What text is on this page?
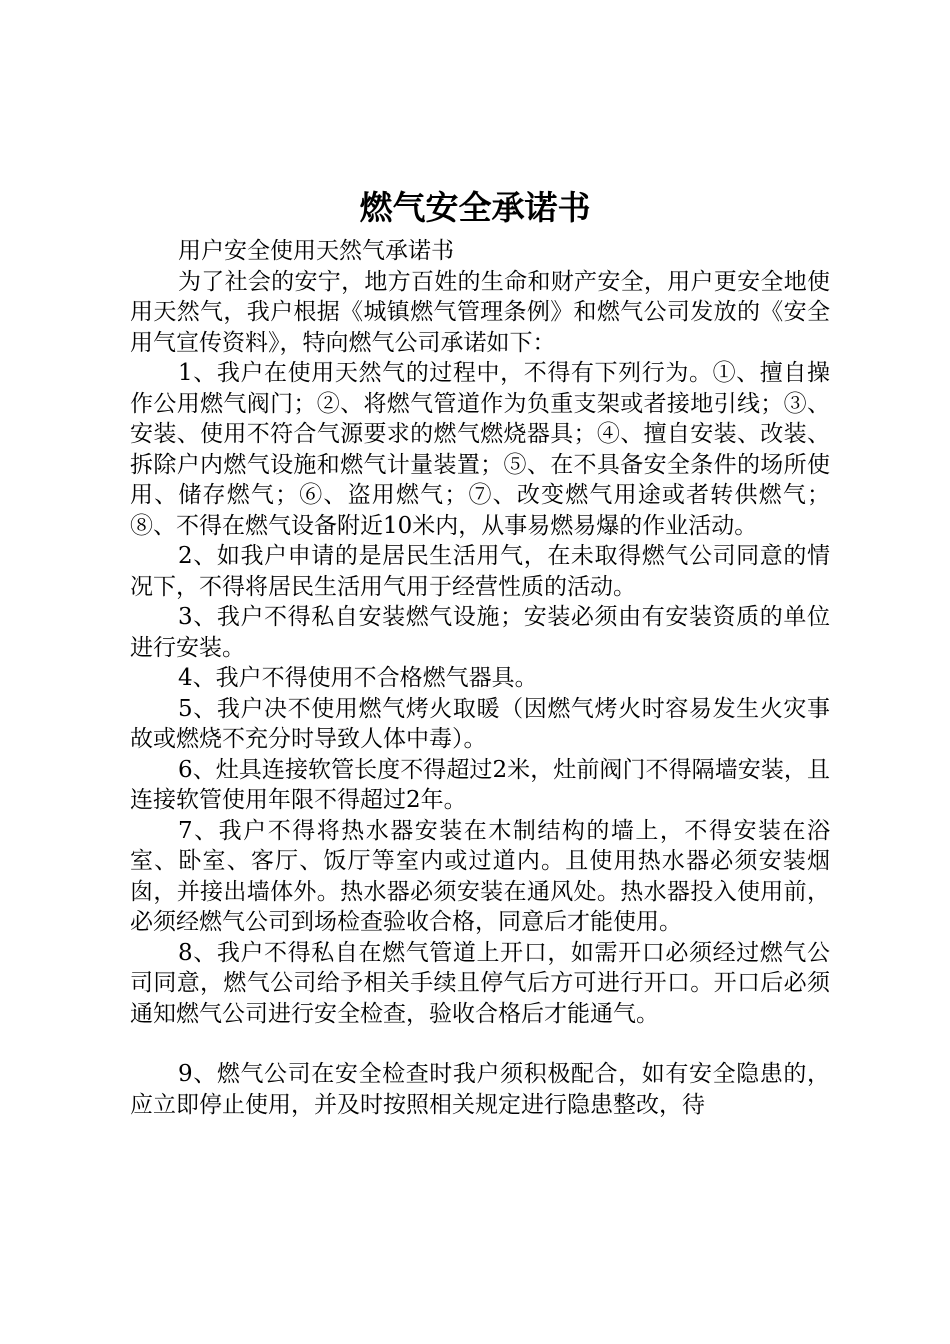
燃气安全承诺书

用户安全使用天然气承诺书

为了社会的安宁，地方百姓的生命和财产安全，用户更安全地使用天然气，我户根据《城镇燃气管理条例》和燃气公司发放的《安全用气宣传资料》，特向燃气公司承诺如下：

1、我户在使用天然气的过程中，不得有下列行为。①、擅自操作公用燃气阀门；②、将燃气管道作为负重支架或者接地引线；③、安装、使用不符合气源要求的燃气燃烧器具；④、擅自安装、改装、拆除户内燃气设施和燃气计量装置；⑤、在不具备安全条件的场所使用、储存燃气；⑥、盗用燃气；⑦、改变燃气用途或者转供燃气；⑧、不得在燃气设备附近10米内，从事易燃易爆的作业活动。

2、如我户申请的是居民生活用气，在未取得燃气公司同意的情况下，不得将居民生活用气用于经营性质的活动。

3、我户不得私自安装燃气设施；安装必须由有安装资质的单位进行安装。

4、我户不得使用不合格燃气器具。

5、我户决不使用燃气烤火取暖（因燃气烤火时容易发生火灾事故或燃烧不充分时导致人体中毒）。

6、灶具连接软管长度不得超过2米，灶前阀门不得隔墙安装，且连接软管使用年限不得超过2年。

7、我户不得将热水器安装在木制结构的墙上，不得安装在浴室、卧室、客厅、饭厅等室内或过道内。且使用热水器必须安装烟囱，并接出墙体外。热水器必须安装在通风处。热水器投入使用前，必须经燃气公司到场检查验收合格，同意后才能使用。

8、我户不得私自在燃气管道上开口，如需开口必须经过燃气公司同意，燃气公司给予相关手续且停气后方可进行开口。开口后必须通知燃气公司进行安全检查，验收合格后才能通气。

9、燃气公司在安全检查时我户须积极配合，如有安全隐患的，应立即停止使用，并及时按照相关规定进行隐患整改，待
